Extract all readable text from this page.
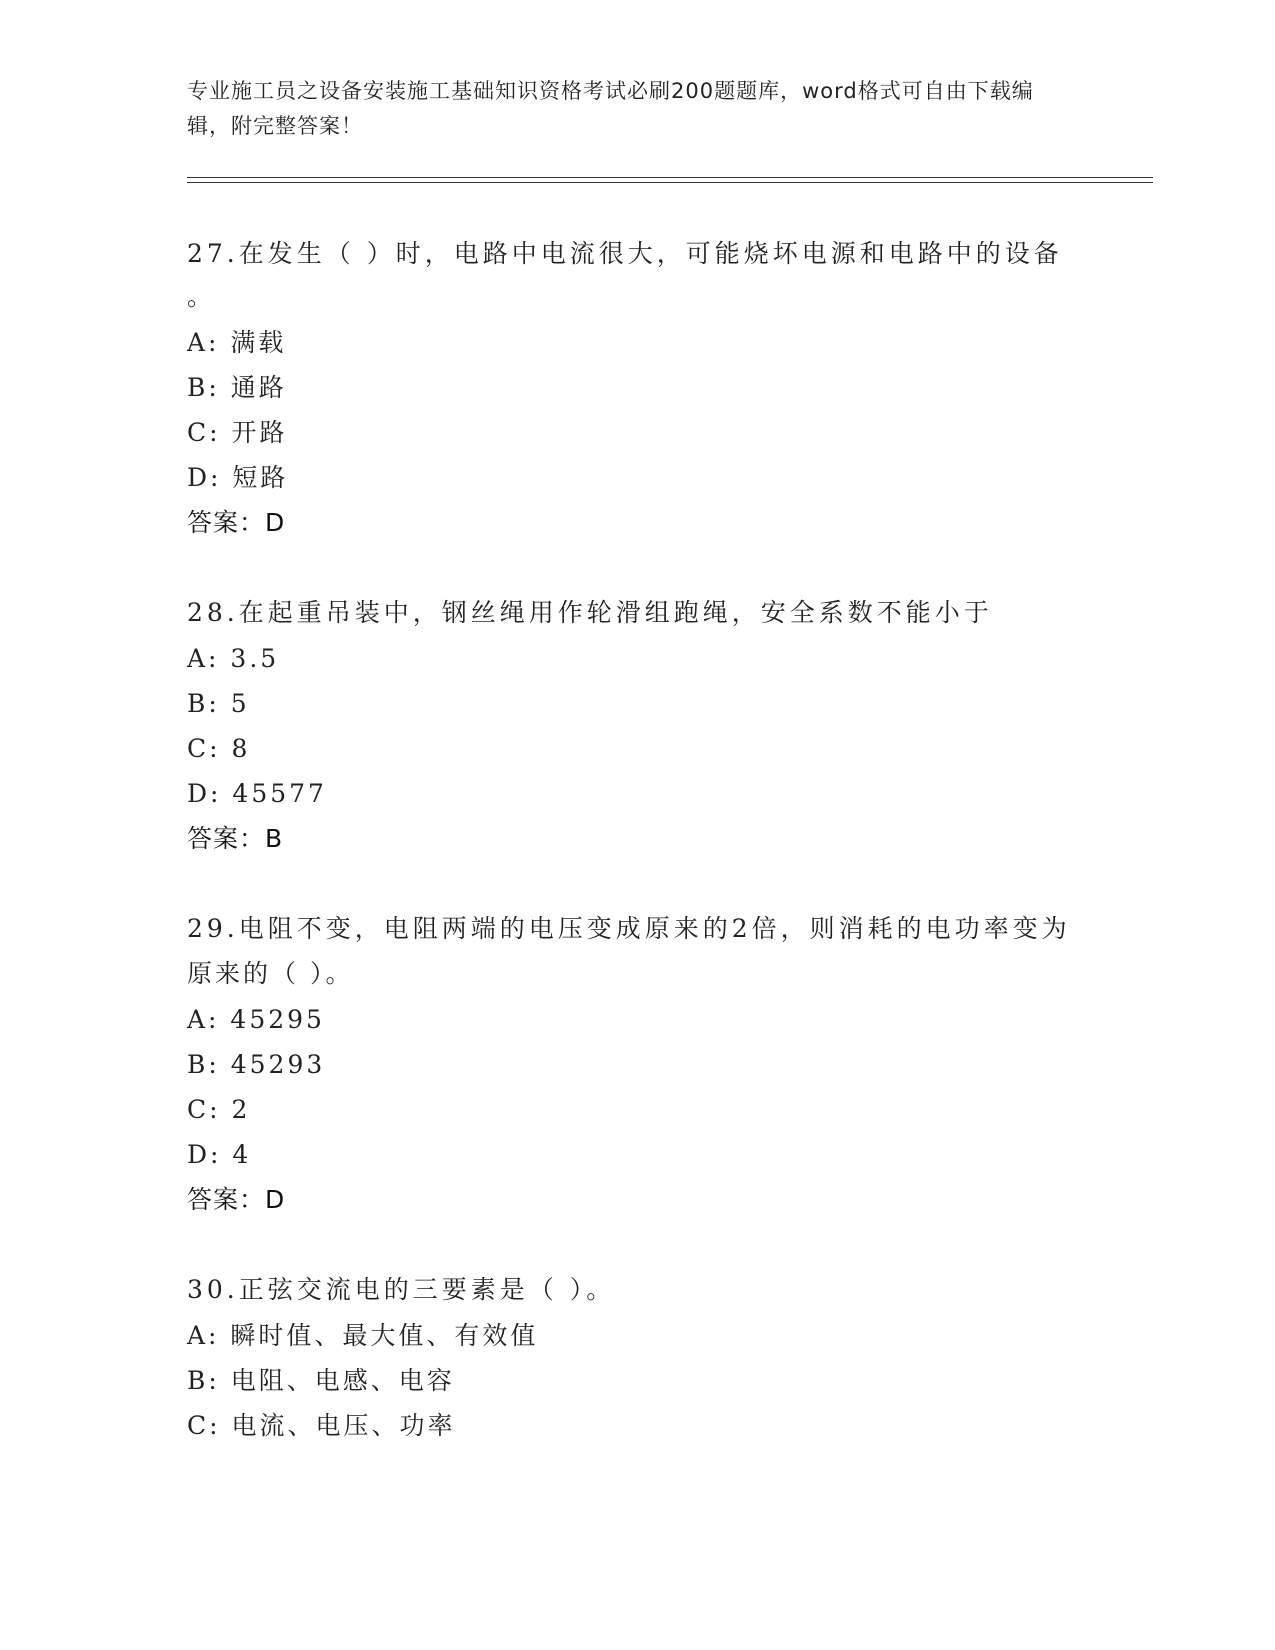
专业施工员之设备安装施工基础知识资格考试必刷200题题库，word格式可自由下载编辑，附完整答案！
27.在发生（ ）时，电路中电流很大，可能烧坏电源和电路中的设备
。
A: 满载
B: 通路
C: 开路
D: 短路
答案：D
28.在起重吊装中，钢丝绳用作轮滑组跑绳，安全系数不能小于
A: 3.5
B: 5
C: 8
D: 45577
答案：B
29.电阻不变，电阻两端的电压变成原来的2倍，则消耗的电功率变为
原来的（ ）。
A: 45295
B: 45293
C: 2
D: 4
答案：D
30.正弦交流电的三要素是（ ）。
A: 瞬时值、最大值、有效值
B: 电阻、电感、电容
C: 电流、电压、功率
